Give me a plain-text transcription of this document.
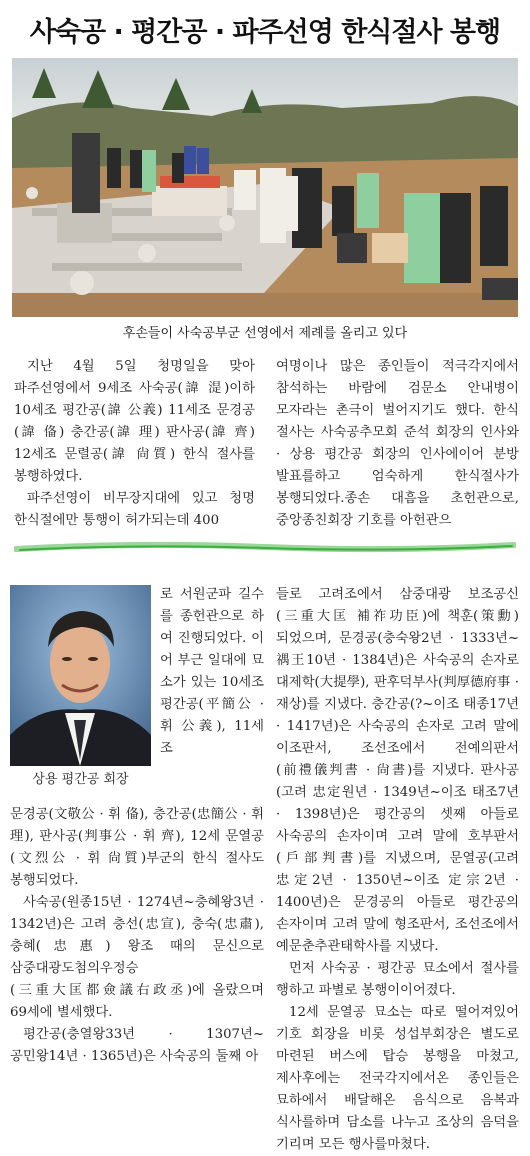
사숙공 · 평간공 · 파주선영 한식절사 봉행
후손들이 사숙공부군 선영에서 제례를 올리고 있다

지난 4월 5일 청명일을 맞아 파주선영에서 9세조 사숙공(諱 湜)이하 10세조 평간공(諱 公義) 11세조 문경공(諱 俻) 충간공(諱 理) 판사공(諱 齊) 12세조 문렬공(諱 尙質) 한식 절사를 봉행하였다.

파주선영이 비무장지대에 있고 청명 한식절에만 통행이 허가되는데 400

여명이나 많은 종인들이 적극각지에서 참석하는 바람에 검문소 안내병이 모자라는 촌극이 벌어지기도 했다. 한식 절사는 사숙공추모회 준석 회장의 인사와 · 상용 평간공 회장의 인사에이어 분방 발표를하고 엄숙하게 한식절사가 봉행되었다.종손 대흠을 초헌관으로, 중앙종친회장 기호를 아헌관으

상용 평간공 회장
로 서원군파 길수를 종헌관으로 하여 진행되었다. 이어 부근 일대에 묘소가 있는 10세조 평간공(平簡公 · 휘 公義), 11세 조

문경공(文敬公 · 휘 俻), 충간공(忠簡公 · 휘 理), 판사공(判事公 · 휘 齊), 12세 문열공(文烈公 · 휘 尙質)부군의 한식 절사도 봉행되었다.

사숙공(원종15년 · 1274년~충혜왕3년 · 1342년)은 고려 충선(忠宣), 충숙(忠肅), 충혜(忠惠) 왕조 때의 문신으로 삼중대광도첨의우정승(三重大匡都僉議右政丞)에 올랐으며 69세에 별세했다.

평간공(충열왕33년 · 1307년~공민왕14년 · 1365년)은 사숙공의 둘째 아

들로 고려조에서 삼중대광 보조공신(三重大匡 補祚功臣)에 책훈(策勳)되었으며, 문경공(충숙왕2년 · 1333년~禑王10년 · 1384년)은 사숙공의 손자로 대제학(大提學), 판후덕부사(判厚德府事 · 재상)를 지냈다. 충간공(?~이조 태종17년 · 1417년)은 사숙공의 손자로 고려 말에 이조판서, 조선조에서 전예의판서(前禮儀判書 · 尙書)를 지냈다. 판사공(고려 忠定원년 · 1349년~이조 태조7년 · 1398년)은 평간공의 셋째 아들로 사숙공의 손자이며 고려 말에 호부판서(戶部判書)를 지냈으며, 문열공(고려 忠定2년 · 1350년~이조 定宗2년 · 1400년)은 문경공의 아들로 평간공의 손자이며 고려 말에 형조판서, 조선조에서 예문춘추관태학사를 지냈다.

먼저 사숙공 · 평간공 묘소에서 절사를 행하고 파별로 봉행이이어졌다.

12세 문열공 묘소는 따로 떨어져있어 기호 회장을 비롯 성섭부회장은 별도로 마련된 버스에 탑승 봉행을 마쳤고,제사후에는 전국각지에서온 종인들은 묘하에서 배달해온 음식으로 음복과 식사를하며 담소를 나누고 조상의 음덕을 기리며 모든 행사를마쳤다.
